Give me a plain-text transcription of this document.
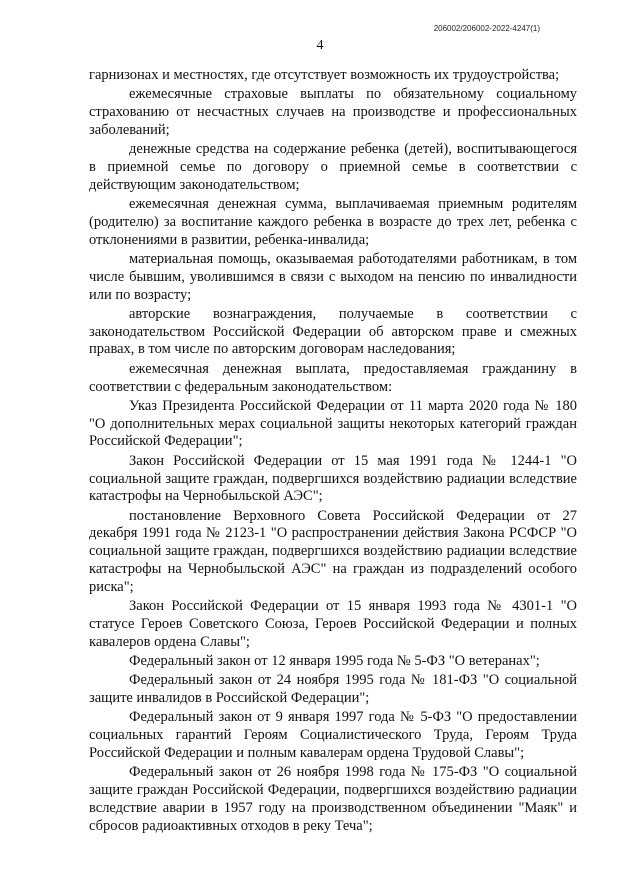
206002/206002-2022-4247(1)
4

гарнизонах и местностях, где отсутствует возможность их трудоустройства;

ежемесячные страховые выплаты по обязательному социальному страхованию от несчастных случаев на производстве и профессиональных заболеваний;

денежные средства на содержание ребенка (детей), воспитывающегося в приемной семье по договору о приемной семье в соответствии с действующим законодательством;

ежемесячная денежная сумма, выплачиваемая приемным родителям (родителю) за воспитание каждого ребенка в возрасте до трех лет, ребенка с отклонениями в развитии, ребенка-инвалида;

материальная помощь, оказываемая работодателями работникам, в том числе бывшим, уволившимся в связи с выходом на пенсию по инвалидности или по возрасту;

авторские вознаграждения, получаемые в соответствии с законодательством Российской Федерации об авторском праве и смежных правах, в том числе по авторским договорам наследования;

ежемесячная денежная выплата, предоставляемая гражданину в соответствии с федеральным законодательством:

Указ Президента Российской Федерации от 11 марта 2020 года № 180 "О дополнительных мерах социальной защиты некоторых категорий граждан Российской Федерации";

Закон Российской Федерации от 15 мая 1991 года № 1244-1 "О социальной защите граждан, подвергшихся воздействию радиации вследствие катастрофы на Чернобыльской АЭС";

постановление Верховного Совета Российской Федерации от 27 декабря 1991 года № 2123-1 "О распространении действия Закона РСФСР "О социальной защите граждан, подвергшихся воздействию радиации вследствие катастрофы на Чернобыльской АЭС" на граждан из подразделений особого риска";

Закон Российской Федерации от 15 января 1993 года № 4301-1 "О статусе Героев Советского Союза, Героев Российской Федерации и полных кавалеров ордена Славы";

Федеральный закон от 12 января 1995 года № 5-ФЗ "О ветеранах";

Федеральный закон от 24 ноября 1995 года № 181-ФЗ "О социальной защите инвалидов в Российской Федерации";

Федеральный закон от 9 января 1997 года № 5-ФЗ "О предоставлении социальных гарантий Героям Социалистического Труда, Героям Труда Российской Федерации и полным кавалерам ордена Трудовой Славы";

Федеральный закон от 26 ноября 1998 года № 175-ФЗ "О социальной защите граждан Российской Федерации, подвергшихся воздействию радиации вследствие аварии в 1957 году на производственном объединении "Маяк" и сбросов радиоактивных отходов в реку Теча";
